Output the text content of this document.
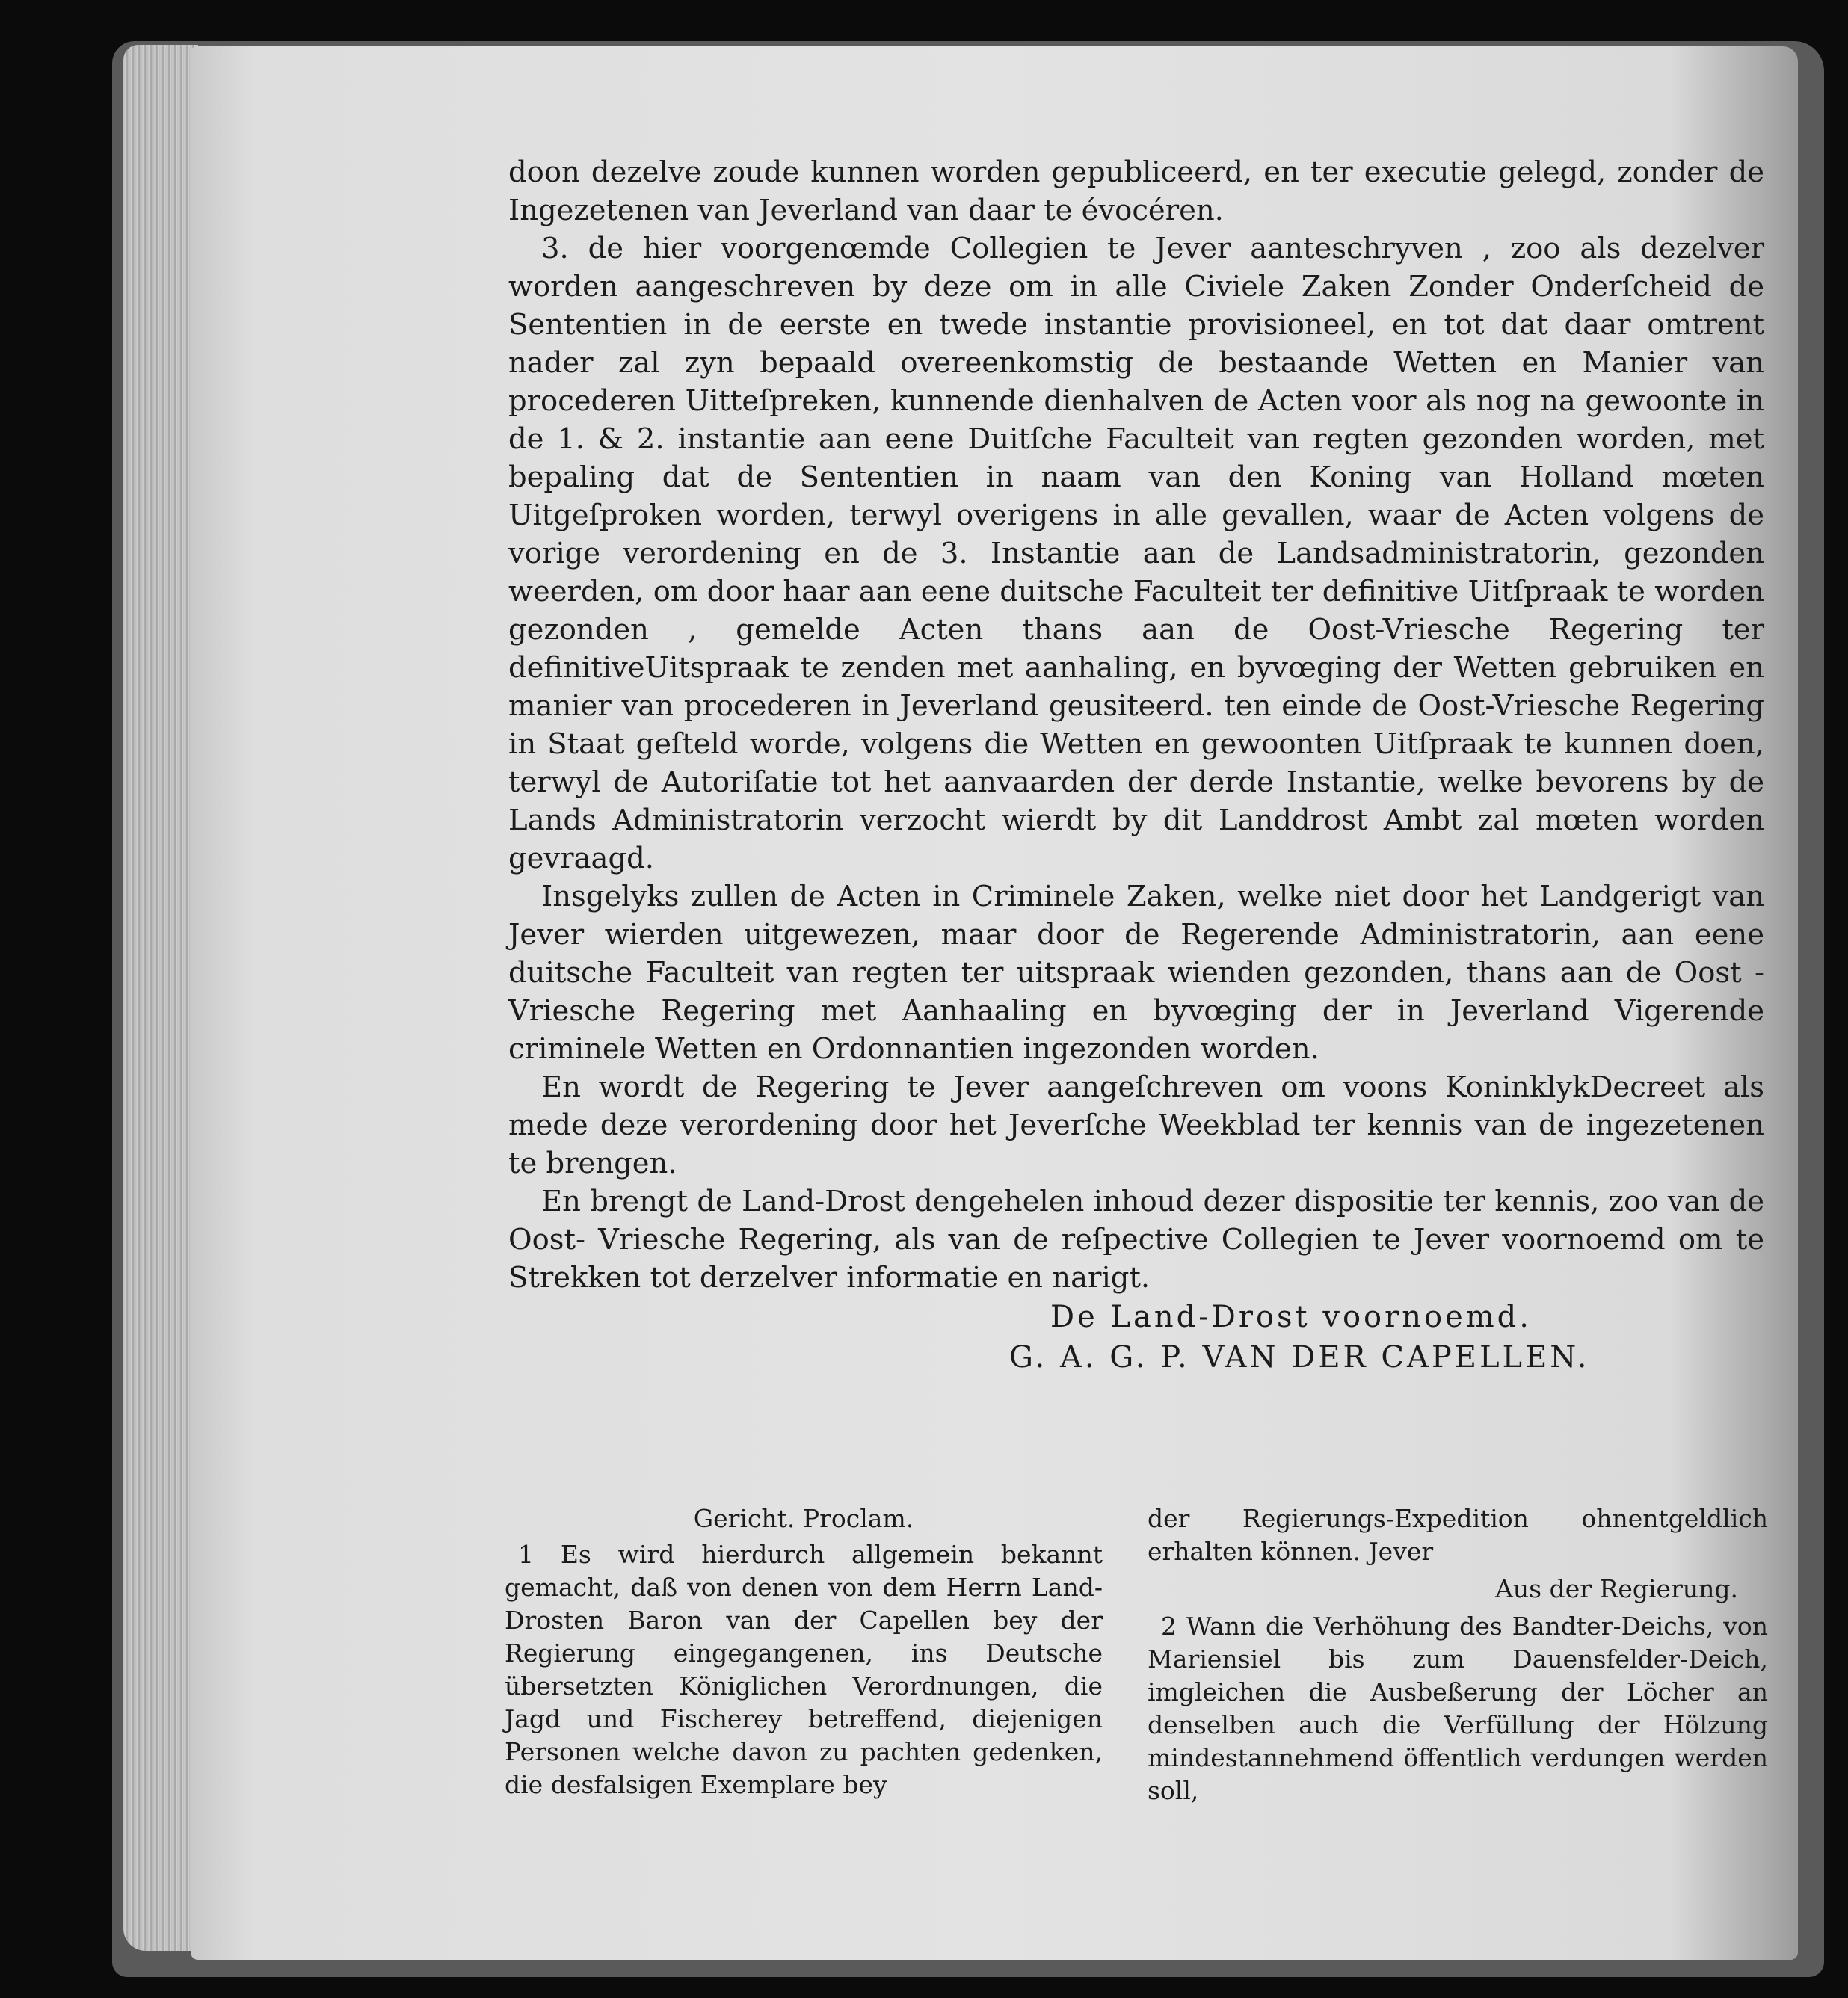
doon dezelve zoude kunnen worden gepubliceerd, en ter executie gelegd, zonder de Ingezetenen van Jeverland van daar te évocéren.

3. de hier voorgenœmde Collegien te Jever aanteschryven , zoo als dezelver worden aangeschreven by deze om in alle Civiele Zaken Zonder Onderſcheid de Sententien in de eerste en twede instantie provisioneel, en tot dat daar omtrent nader zal zyn bepaald overeenkomstig de bestaande Wetten en Manier van procederen Uitteſpreken, kunnende dienhalven de Acten voor als nog na gewoonte in de 1. & 2. instantie aan eene Duitſche Faculteit van regten gezonden worden, met bepaling dat de Sententien in naam van den Koning van Holland mœten Uitgeſproken worden, terwyl overigens in alle gevallen, waar de Acten volgens de vorige verordening en de 3. Instantie aan de Landsadministratorin, gezonden weerden, om door haar aan eene duitsche Faculteit ter definitive Uitſpraak te worden gezonden , gemelde Acten thans aan de Oost-Vriesche Regering ter definitiveUitspraak te zenden met aanhaling, en byvœging der Wetten gebruiken en manier van procederen in Jeverland geusiteerd. ten einde de Oost-Vriesche Regering in Staat geſteld worde, volgens die Wetten en gewoonten Uitſpraak te kunnen doen, terwyl de Autoriſatie tot het aanvaarden der derde Instantie, welke bevorens by de Lands Administratorin verzocht wierdt by dit Landdrost Ambt zal mœten worden gevraagd.

Insgelyks zullen de Acten in Criminele Zaken, welke niet door het Landgerigt van Jever wierden uitgewezen, maar door de Regerende Administratorin, aan eene duitsche Faculteit van regten ter uitspraak wienden gezonden, thans aan de Oost - Vriesche Regering met Aanhaaling en byvœging der in Jeverland Vigerende criminele Wetten en Ordonnantien ingezonden worden.

En wordt de Regering te Jever aangeſchreven om voons KoninklykDecreet als mede deze verordening door het Jeverſche Weekblad ter kennis van de ingezetenen te brengen.

En brengt de Land-Drost dengehelen inhoud dezer dispositie ter kennis, zoo van de Oost- Vriesche Regering, als van de reſpective Collegien te Jever voornoemd om te Strekken tot derzelver informatie en narigt.

De Land-Drost voornoemd.
G. A. G. P. VAN DER CAPELLEN.

Gericht. Proclam.

1 Es wird hierdurch allgemein bekannt gemacht, daß von denen von dem Herrn Land-Drosten Baron van der Capellen bey der Regierung eingegangenen, ins Deutsche übersetzten Königlichen Verordnungen, die Jagd und Fischerey betreffend, diejenigen Personen welche davon zu pachten gedenken, die desfalsigen Exemplare bey

der Regierungs-Expedition ohnentgeldlich erhalten können. Jever

Aus der Regierung.

2 Wann die Verhöhung des Bandter-Deichs, von Mariensiel bis zum Dauensfelder-Deich, imgleichen die Ausbeßerung der Löcher an denselben auch die Verfüllung der Hölzung mindestannehmend öffentlich verdungen werden soll,
